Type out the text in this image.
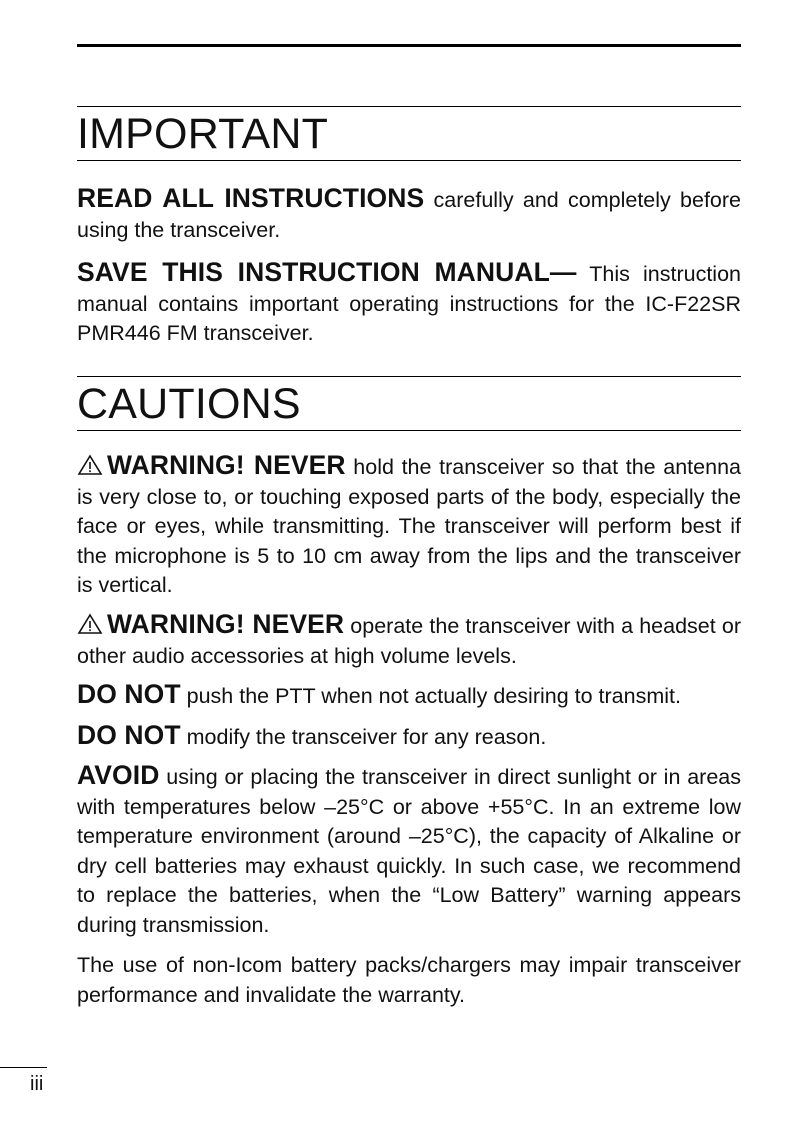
IMPORTANT

READ ALL INSTRUCTIONS carefully and completely before using the transceiver.

SAVE THIS INSTRUCTION MANUAL— This instruction manual contains important operating instructions for the IC-F22SR PMR446 FM transceiver.

CAUTIONS

WARNING! NEVER hold the transceiver so that the antenna is very close to, or touching exposed parts of the body, especially the face or eyes, while transmitting. The transceiver will perform best if the microphone is 5 to 10 cm away from the lips and the transceiver is vertical.

WARNING! NEVER operate the transceiver with a headset or other audio accessories at high volume levels.

DO NOT push the PTT when not actually desiring to transmit.

DO NOT modify the transceiver for any reason.

AVOID using or placing the transceiver in direct sunlight or in areas with temperatures below –25°C or above +55°C. In an extreme low temperature environment (around –25°C), the capacity of Alkaline or dry cell batteries may exhaust quickly. In such case, we recommend to replace the batteries, when the “Low Battery” warning appears during transmission.

The use of non-Icom battery packs/chargers may impair transceiver performance and invalidate the warranty.

iii
